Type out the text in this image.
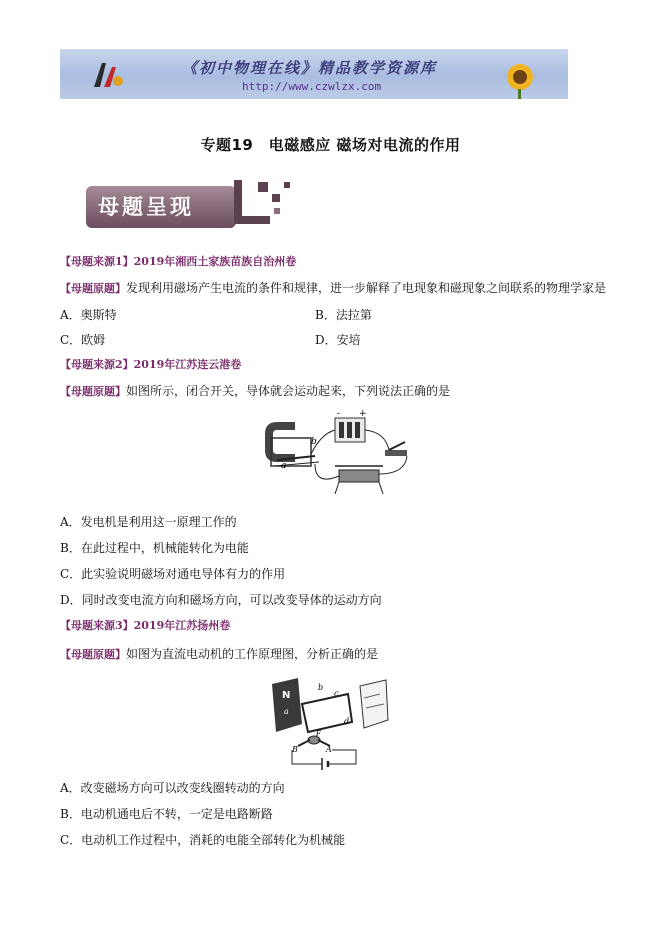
《初中物理在线》精品教学资源库
http://www.czwlzx.com
专题19　电磁感应 磁场对电流的作用
母题呈现
【母题来源1】2019年湘西土家族苗族自治州卷
【母题原题】发现利用磁场产生电流的条件和规律，进一步解释了电现象和磁现象之间联系的物理学家是
A．奥斯特	B．法拉第
C．欧姆	D．安培
【母题来源2】2019年江苏连云港卷
【母题原题】如图所示，闭合开关，导体就会运动起来，下列说法正确的是
a
b
- +
A．发电机是利用这一原理工作的
B．在此过程中，机械能转化为电能
C．此实验说明磁场对通电导体有力的作用
D．同时改变电流方向和磁场方向，可以改变导体的运动方向
【母题来源3】2019年江苏扬州卷
【母题原题】如图为直流电动机的工作原理图，分析正确的是
N
a
b
c
d
B	A
F
A．改变磁场方向可以改变线圈转动的方向
B．电动机通电后不转，一定是电路断路
C．电动机工作过程中，消耗的电能全部转化为机械能
